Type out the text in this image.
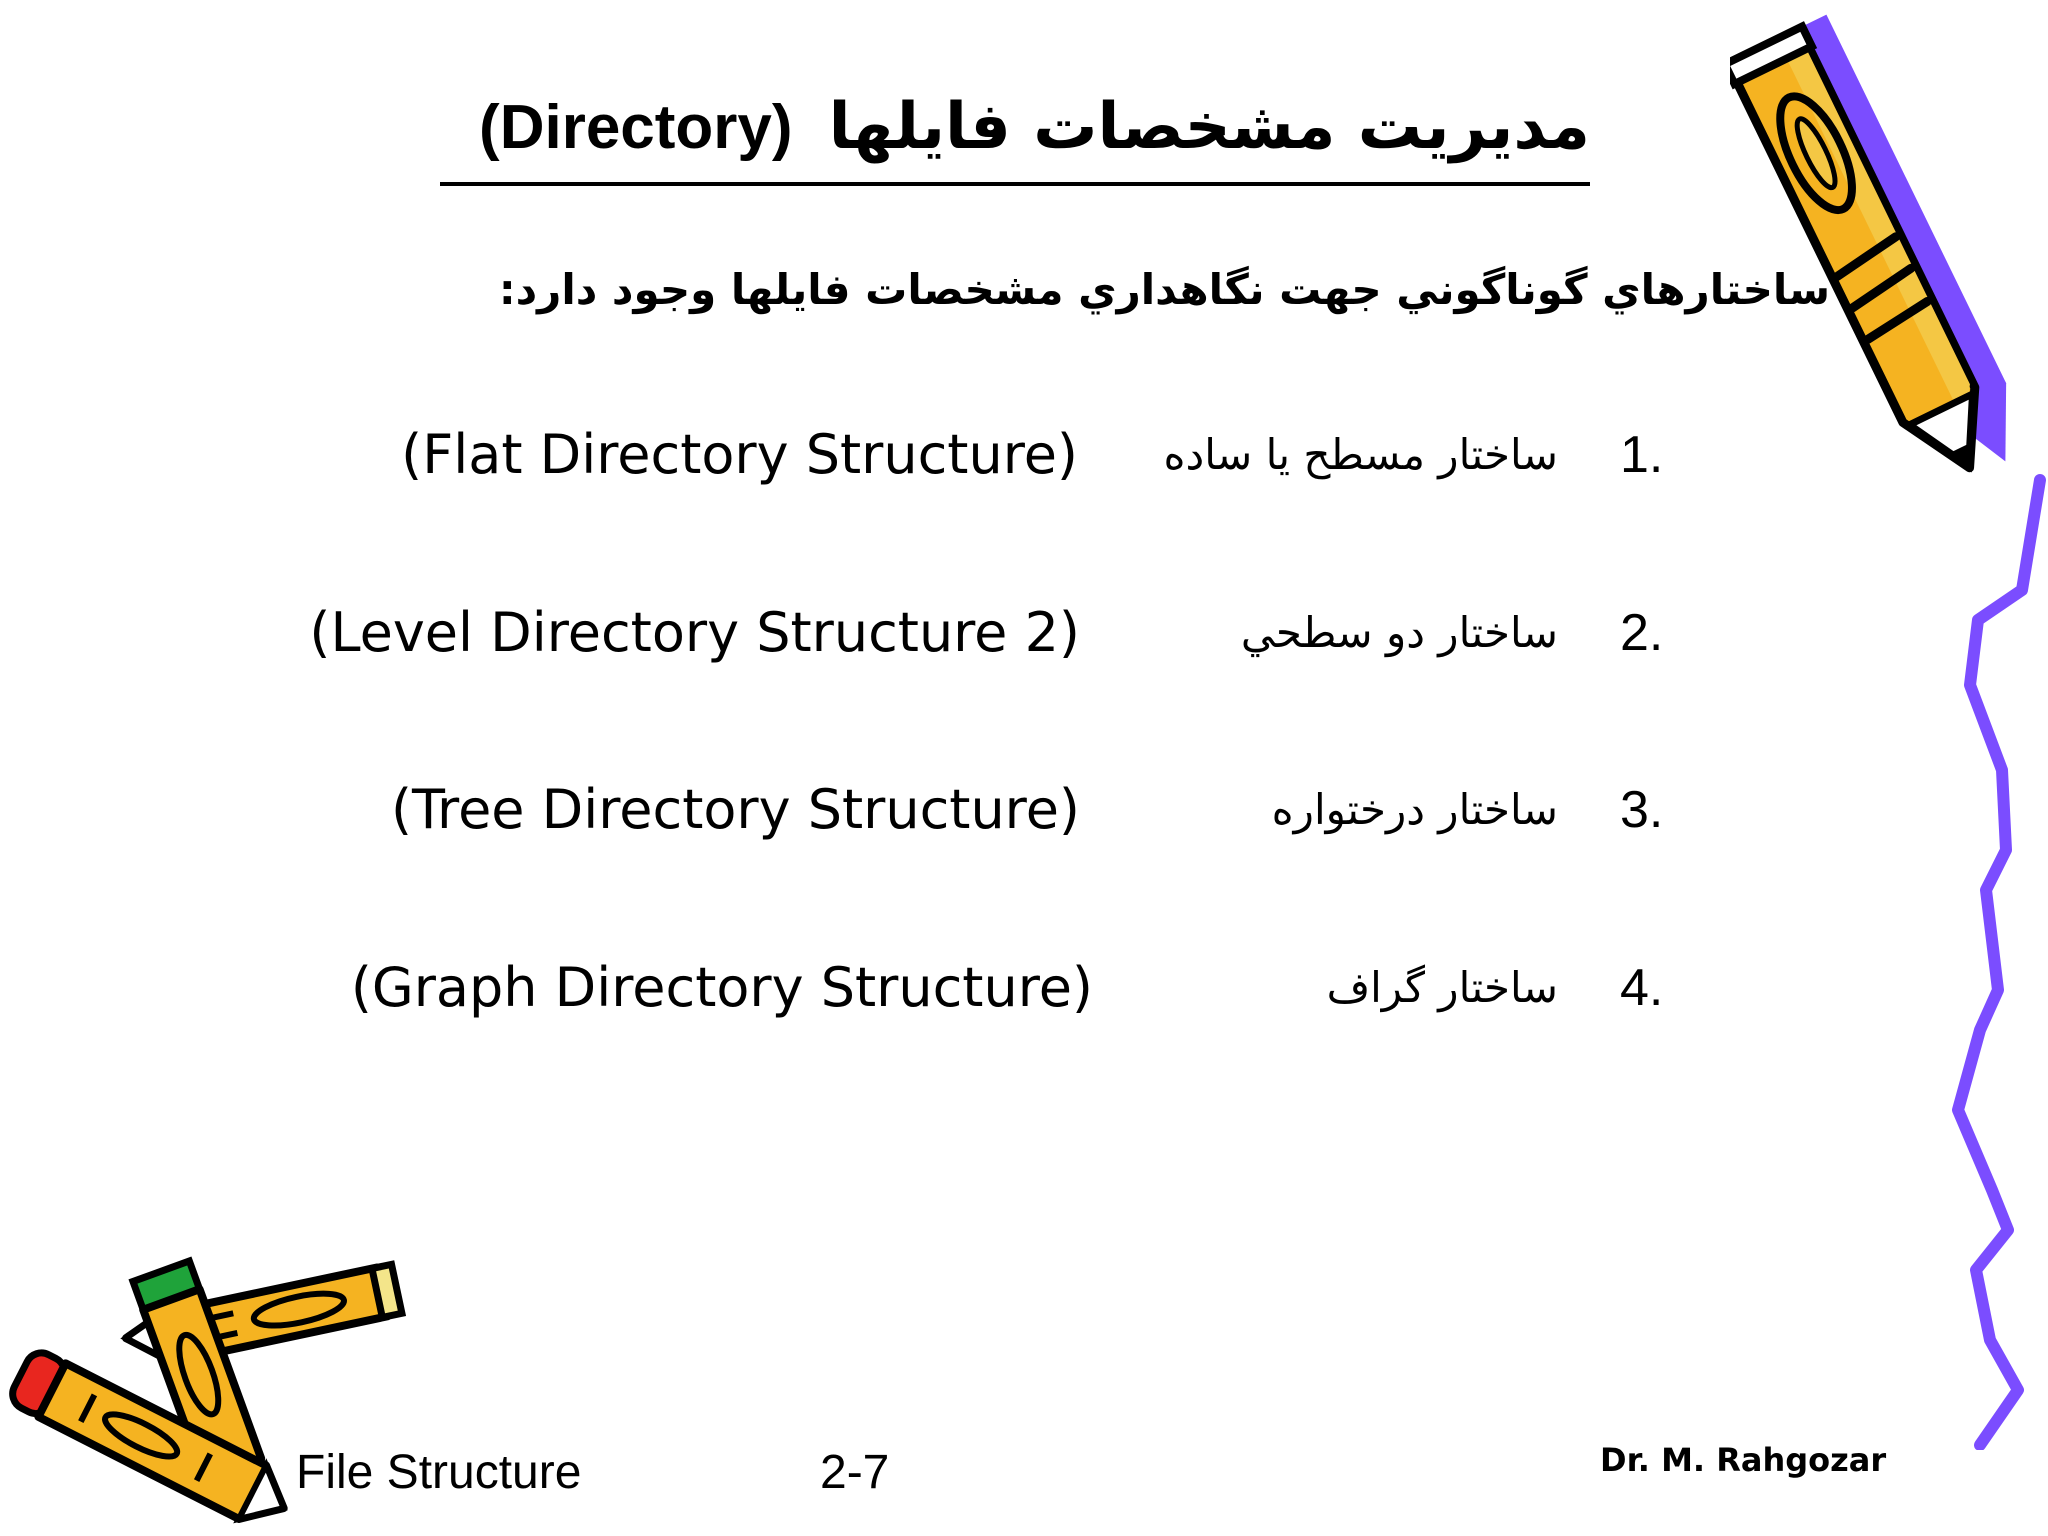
مديريت مشخصات فايلها(Directory)
ساختارهاي گوناگوني جهت نگاهداري مشخصات فايلها وجود دارد:
1.
ساختار مسطح يا ساده
(Flat Directory Structure)
2.
ساختار دو سطحي
(Level Directory Structure 2)
3.
ساختار درختواره
(Tree Directory Structure)
4.
ساختار گراف
(Graph Directory Structure)
File Structure	2-7	Dr. M. Rahgozar
